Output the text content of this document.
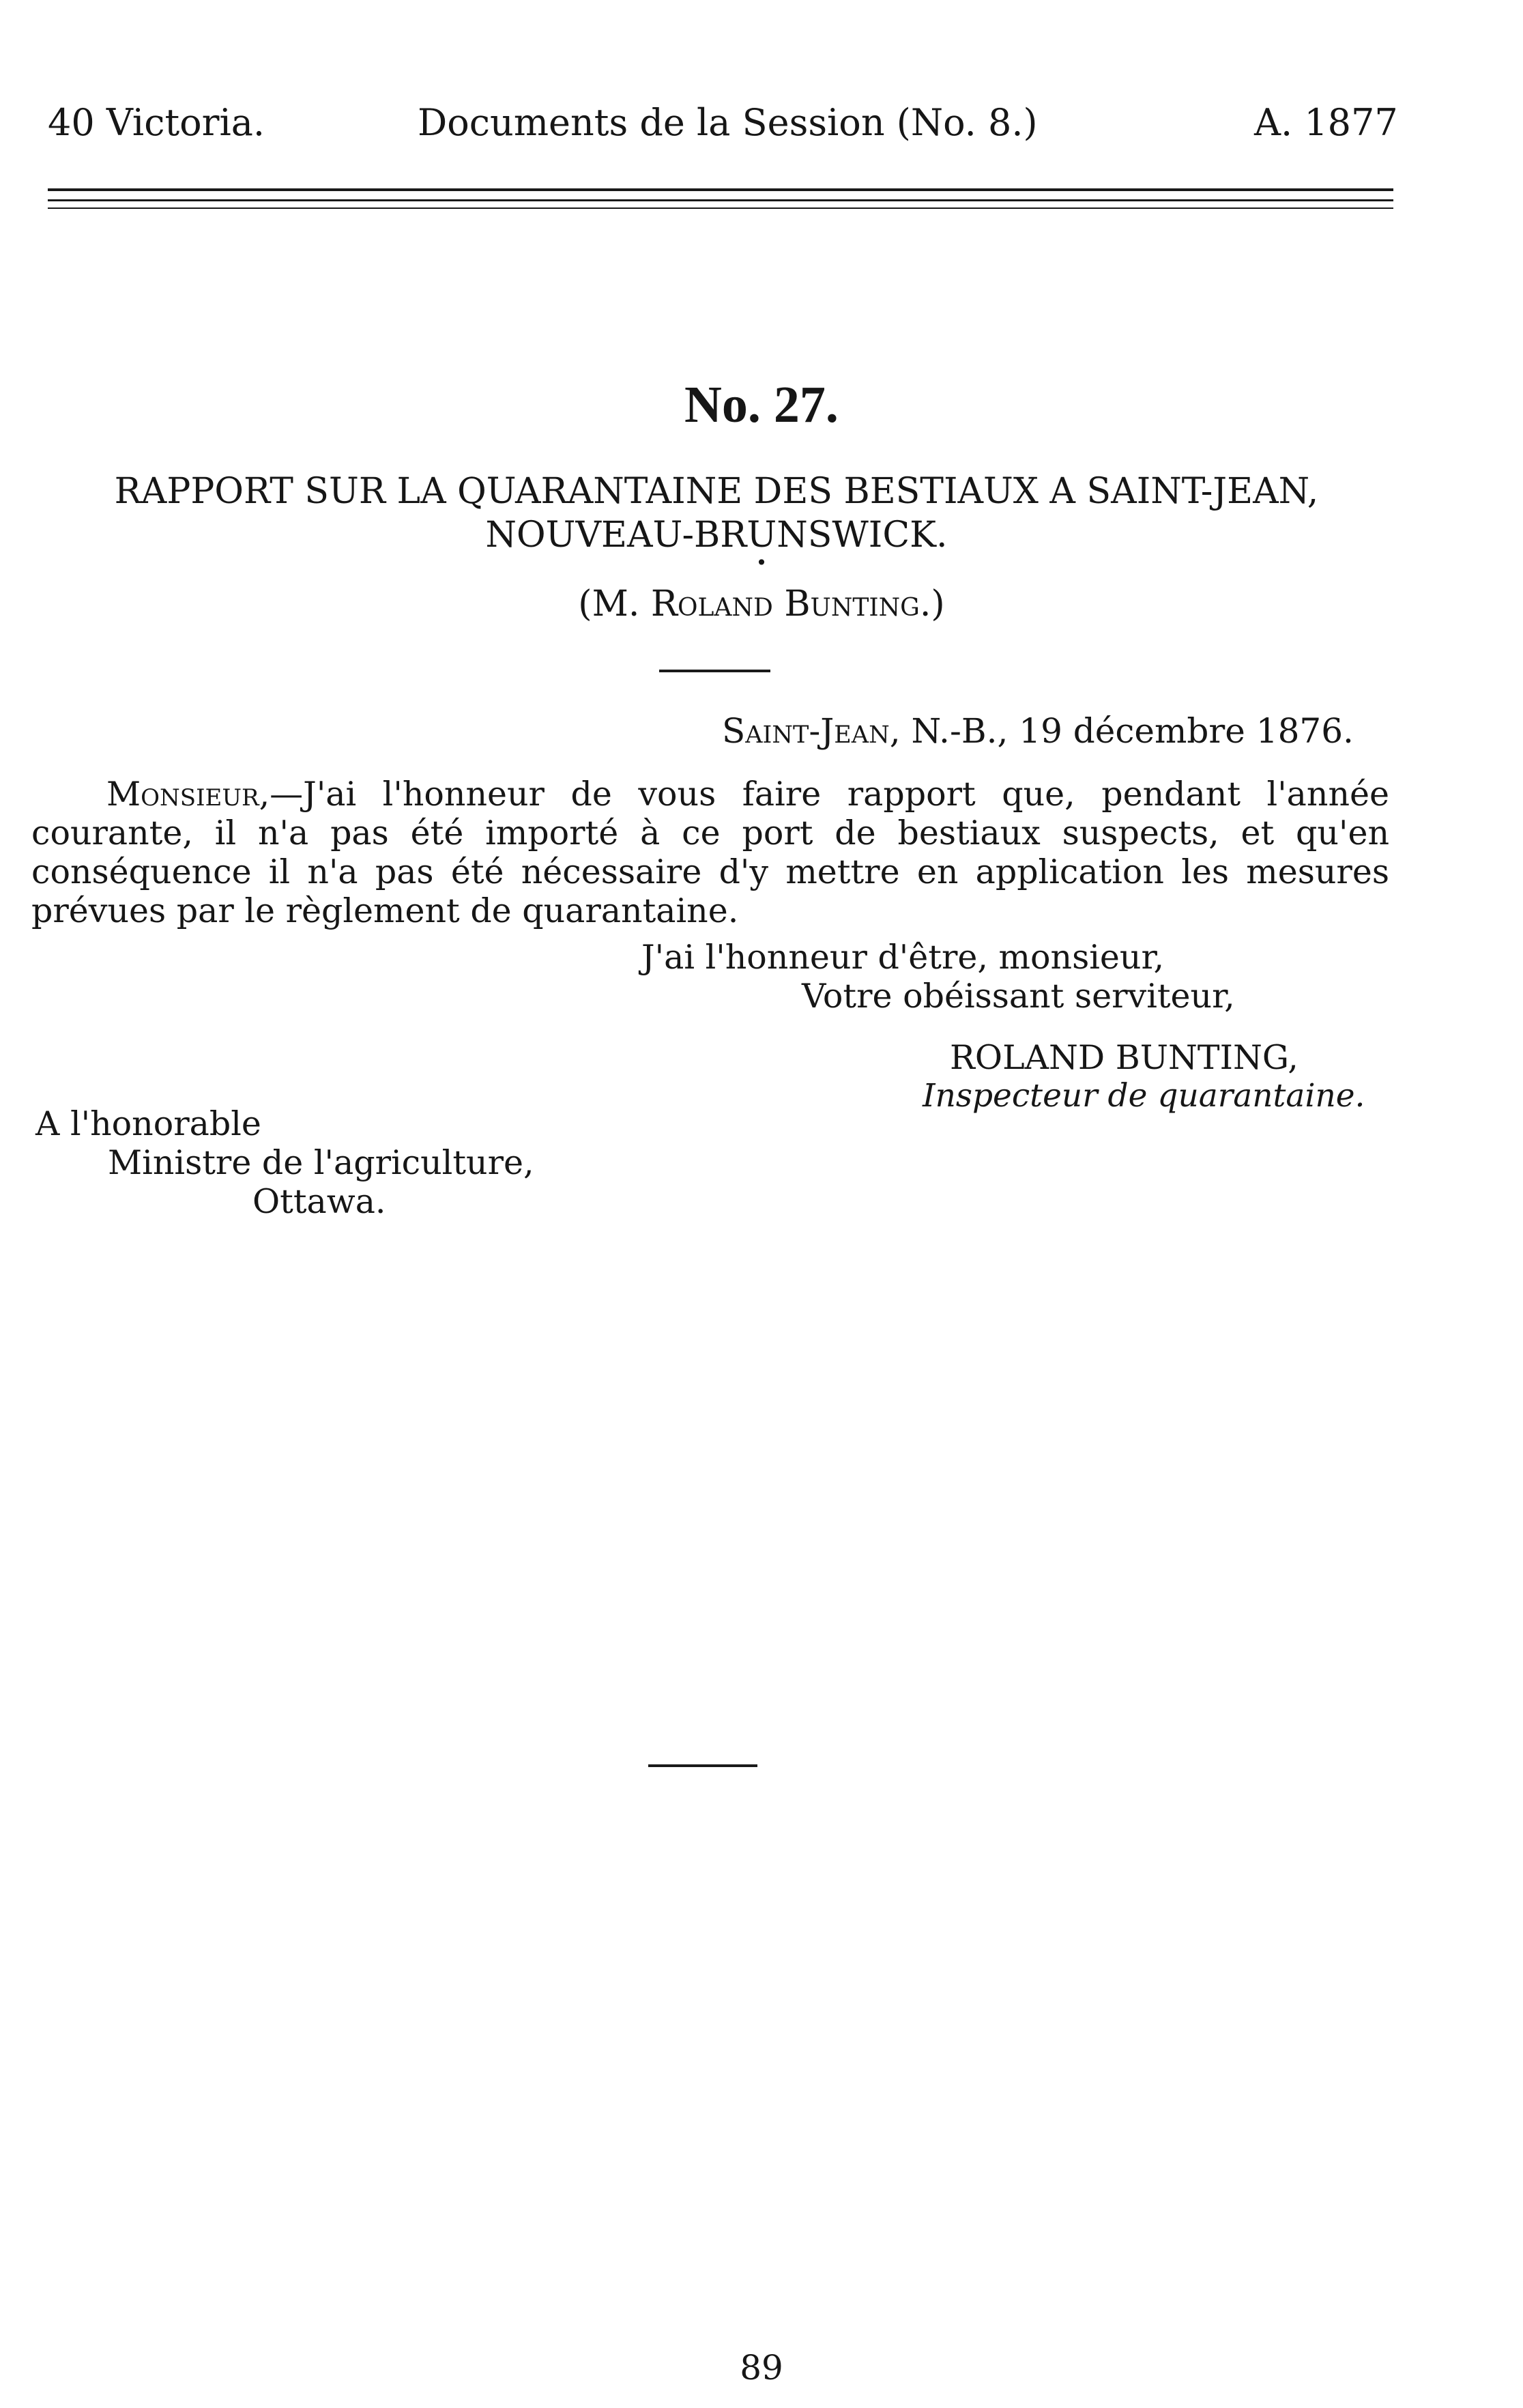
40 Victoria.	Documents de la Session (No. 8.)	A. 1877
No. 27.
RAPPORT SUR LA QUARANTAINE DES BESTIAUX A SAINT-JEAN,
NOUVEAU-BRUNSWICK.
•
(M. Roland Bunting.)
Saint-Jean, N.-B., 19 décembre 1876.
Monsieur,—J'ai l'honneur de vous faire rapport que, pendant l'année courante, il n'a pas été importé à ce port de bestiaux suspects, et qu'en conséquence il n'a pas été nécessaire d'y mettre en application les mesures prévues par le règlement de quarantaine.
J'ai l'honneur d'être, monsieur,
Votre obéissant serviteur,
ROLAND BUNTING,
Inspecteur de quarantaine.
A l'honorable
Ministre de l'agriculture,
Ottawa.
89
